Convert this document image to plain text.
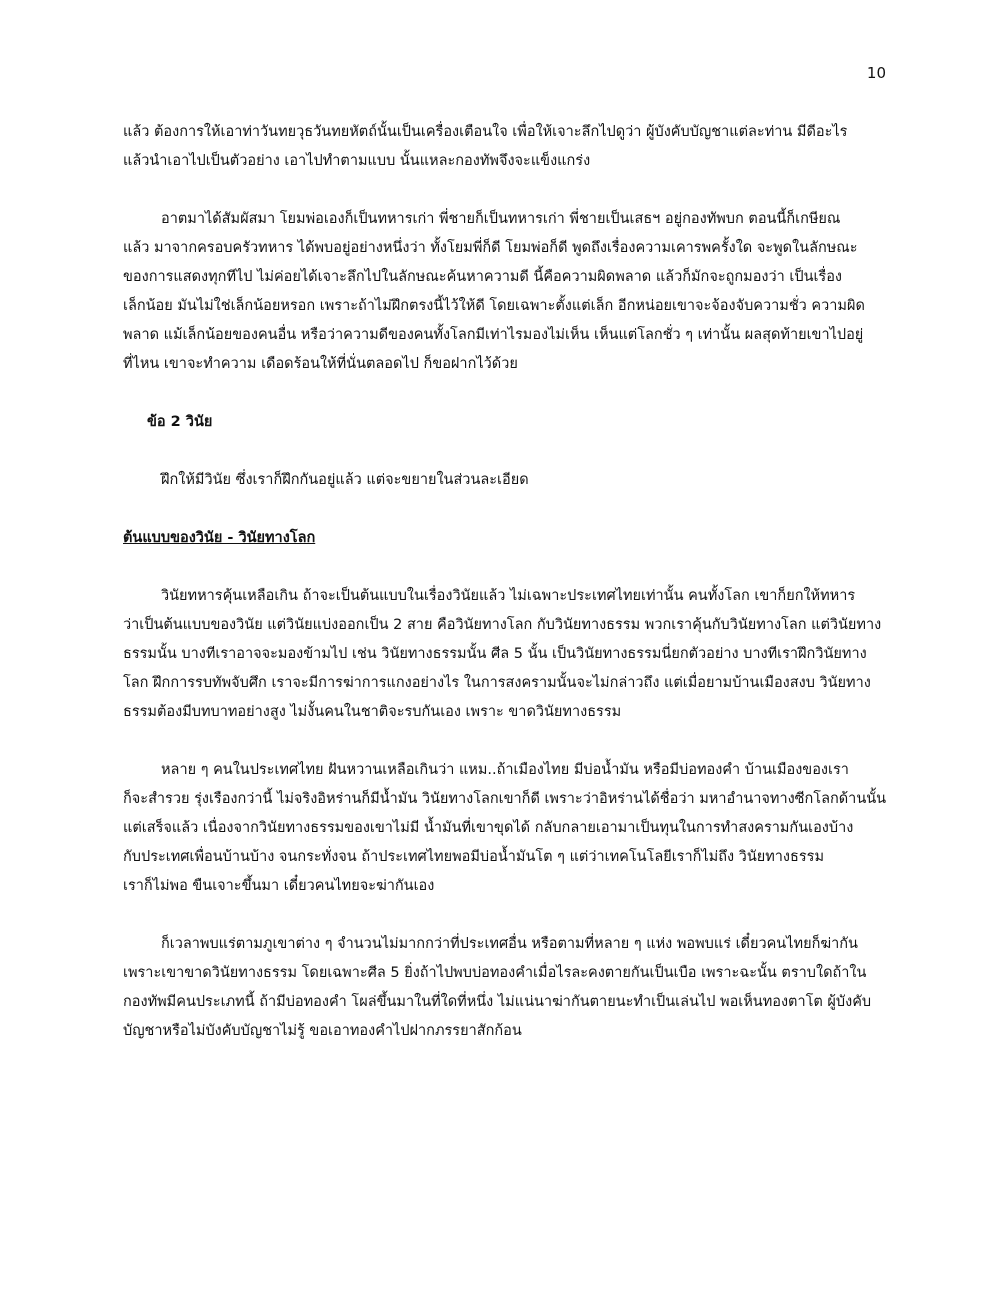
10

แล้ว ต้องการให้เอาท่าวันทยวุธวันทยหัตถ์นั้นเป็นเครื่องเตือนใจ เพื่อให้เจาะลึกไปดูว่า ผู้บังคับบัญชาแต่ละท่าน มีดีอะไร

แล้วนำเอาไปเป็นตัวอย่าง เอาไปทำตามแบบ นั้นแหละกองทัพจึงจะแข็งแกร่ง

อาตมาได้สัมผัสมา โยมพ่อเองก็เป็นทหารเก่า พี่ชายก็เป็นทหารเก่า พี่ชายเป็นเสธฯ อยู่กองทัพบก ตอนนี้ก็เกษียณ

แล้ว มาจากครอบครัวทหาร ได้พบอยู่อย่างหนึ่งว่า ทั้งโยมพี่ก็ดี โยมพ่อก็ดี พูดถึงเรื่องความเคารพครั้งใด จะพูดในลักษณะ

ของการแสดงทุกทีไป ไม่ค่อยได้เจาะลึกไปในลักษณะค้นหาความดี นี้คือความผิดพลาด แล้วก็มักจะถูกมองว่า เป็นเรื่อง

เล็กน้อย มันไม่ใช่เล็กน้อยหรอก เพราะถ้าไม่ฝึกตรงนี้ไว้ให้ดี โดยเฉพาะตั้งแต่เล็ก อีกหน่อยเขาจะจ้องจับความชั่ว ความผิด

พลาด แม้เล็กน้อยของคนอื่น หรือว่าความดีของคนทั้งโลกมีเท่าไรมองไม่เห็น เห็นแต่โลกชั่ว ๆ เท่านั้น ผลสุดท้ายเขาไปอยู่

ที่ไหน เขาจะทำความ เดือดร้อนให้ที่นั่นตลอดไป ก็ขอฝากไว้ด้วย

ข้อ 2 วินัย

ฝึกให้มีวินัย ซึ่งเราก็ฝึกกันอยู่แล้ว แต่จะขยายในส่วนละเอียด

ต้นแบบของวินัย - วินัยทางโลก

วินัยทหารคุ้นเหลือเกิน ถ้าจะเป็นต้นแบบในเรื่องวินัยแล้ว ไม่เฉพาะประเทศไทยเท่านั้น คนทั้งโลก เขาก็ยกให้ทหาร

ว่าเป็นต้นแบบของวินัย แต่วินัยแบ่งออกเป็น 2 สาย คือวินัยทางโลก กับวินัยทางธรรม พวกเราคุ้นกับวินัยทางโลก แต่วินัยทาง

ธรรมนั้น บางทีเราอาจจะมองข้ามไป เช่น วินัยทางธรรมนั้น ศีล 5 นั้น เป็นวินัยทางธรรมนี่ยกตัวอย่าง บางทีเราฝึกวินัยทาง

โลก ฝึกการรบทัพจับศึก เราจะมีการฆ่าการแกงอย่างไร ในการสงครามนั้นจะไม่กล่าวถึง แต่เมื่อยามบ้านเมืองสงบ วินัยทาง

ธรรมต้องมีบทบาทอย่างสูง ไม่งั้นคนในชาติจะรบกันเอง เพราะ ขาดวินัยทางธรรม

หลาย ๆ คนในประเทศไทย ฝันหวานเหลือเกินว่า แหม..ถ้าเมืองไทย มีบ่อน้ำมัน หรือมีบ่อทองคำ บ้านเมืองของเรา

ก็จะสำรวย รุ่งเรืองกว่านี้ ไม่จริงอิหร่านก็มีน้ำมัน วินัยทางโลกเขาก็ดี เพราะว่าอิหร่านได้ชื่อว่า มหาอำนาจทางซีกโลกด้านนั้น

แต่เสร็จแล้ว เนื่องจากวินัยทางธรรมของเขาไม่มี น้ำมันที่เขาขุดได้ กลับกลายเอามาเป็นทุนในการทำสงครามกันเองบ้าง

กับประเทศเพื่อนบ้านบ้าง จนกระทั่งจน ถ้าประเทศไทยพอมีบ่อน้ำมันโต ๆ แต่ว่าเทคโนโลยีเราก็ไม่ถึง วินัยทางธรรม

เราก็ไม่พอ ขืนเจาะขึ้นมา เดี๋ยวคนไทยจะฆ่ากันเอง

ก็เวลาพบแร่ตามภูเขาต่าง ๆ จำนวนไม่มากกว่าที่ประเทศอื่น หรือตามที่หลาย ๆ แห่ง พอพบแร่ เดี๋ยวคนไทยก็ฆ่ากัน

เพราะเขาขาดวินัยทางธรรม โดยเฉพาะศีล 5 ยิ่งถ้าไปพบบ่อทองคำเมื่อไรละคงตายกันเป็นเบือ เพราะฉะนั้น ตราบใดถ้าใน

กองทัพมีคนประเภทนี้ ถ้ามีบ่อทองคำ โผล่ขึ้นมาในที่ใดที่หนึ่ง ไม่แน่นาฆ่ากันตายนะทำเป็นเล่นไป พอเห็นทองตาโต ผู้บังคับ

บัญชาหรือไม่บังคับบัญชาไม่รู้ ขอเอาทองคำไปฝากภรรยาสักก้อน
